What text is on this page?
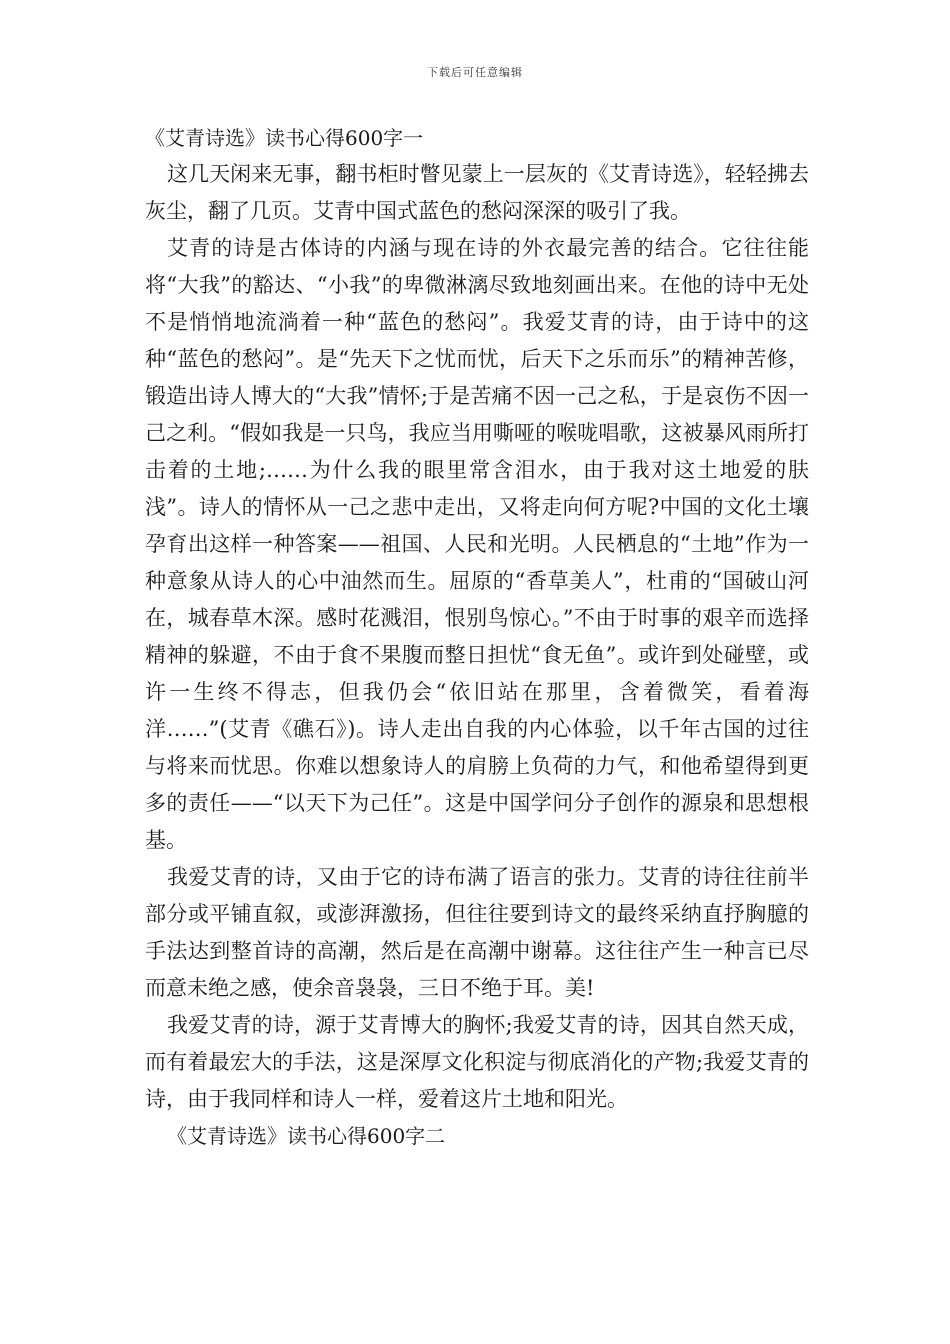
下载后可任意编辑
《艾青诗选》读书心得600字一

这几天闲来无事，翻书柜时瞥见蒙上一层灰的《艾青诗选》，轻轻拂去灰尘，翻了几页。艾青中国式蓝色的愁闷深深的吸引了我。

艾青的诗是古体诗的内涵与现在诗的外衣最完善的结合。它往往能将“大我”的豁达、“小我”的卑微淋漓尽致地刻画出来。在他的诗中无处不是悄悄地流淌着一种“蓝色的愁闷”。我爱艾青的诗，由于诗中的这种“蓝色的愁闷”。是“先天下之忧而忧，后天下之乐而乐”的精神苦修，锻造出诗人博大的“大我”情怀;于是苦痛不因一己之私，于是哀伤不因一己之利。“假如我是一只鸟，我应当用嘶哑的喉咙唱歌，这被暴风雨所打击着的土地;……为什么我的眼里常含泪水，由于我对这土地爱的肤浅”。诗人的情怀从一己之悲中走出，又将走向何方呢?中国的文化土壤孕育出这样一种答案——祖国、人民和光明。人民栖息的“土地”作为一种意象从诗人的心中油然而生。屈原的“香草美人”，杜甫的“国破山河在，城春草木深。感时花溅泪，恨别鸟惊心。”不由于时事的艰辛而选择精神的躲避，不由于食不果腹而整日担忧“食无鱼”。或许到处碰壁，或许一生终不得志，但我仍会“依旧站在那里，含着微笑，看着海洋……”(艾青《礁石》)。诗人走出自我的内心体验，以千年古国的过往与将来而忧思。你难以想象诗人的肩膀上负荷的力气，和他希望得到更多的责任——“以天下为己任”。这是中国学问分子创作的源泉和思想根基。

我爱艾青的诗，又由于它的诗布满了语言的张力。艾青的诗往往前半部分或平铺直叙，或澎湃激扬，但往往要到诗文的最终采纳直抒胸臆的手法达到整首诗的高潮，然后是在高潮中谢幕。这往往产生一种言已尽而意未绝之感，使余音袅袅，三日不绝于耳。美!

我爱艾青的诗，源于艾青博大的胸怀;我爱艾青的诗，因其自然天成，而有着最宏大的手法，这是深厚文化积淀与彻底消化的产物;我爱艾青的诗，由于我同样和诗人一样，爱着这片土地和阳光。

《艾青诗选》读书心得600字二
